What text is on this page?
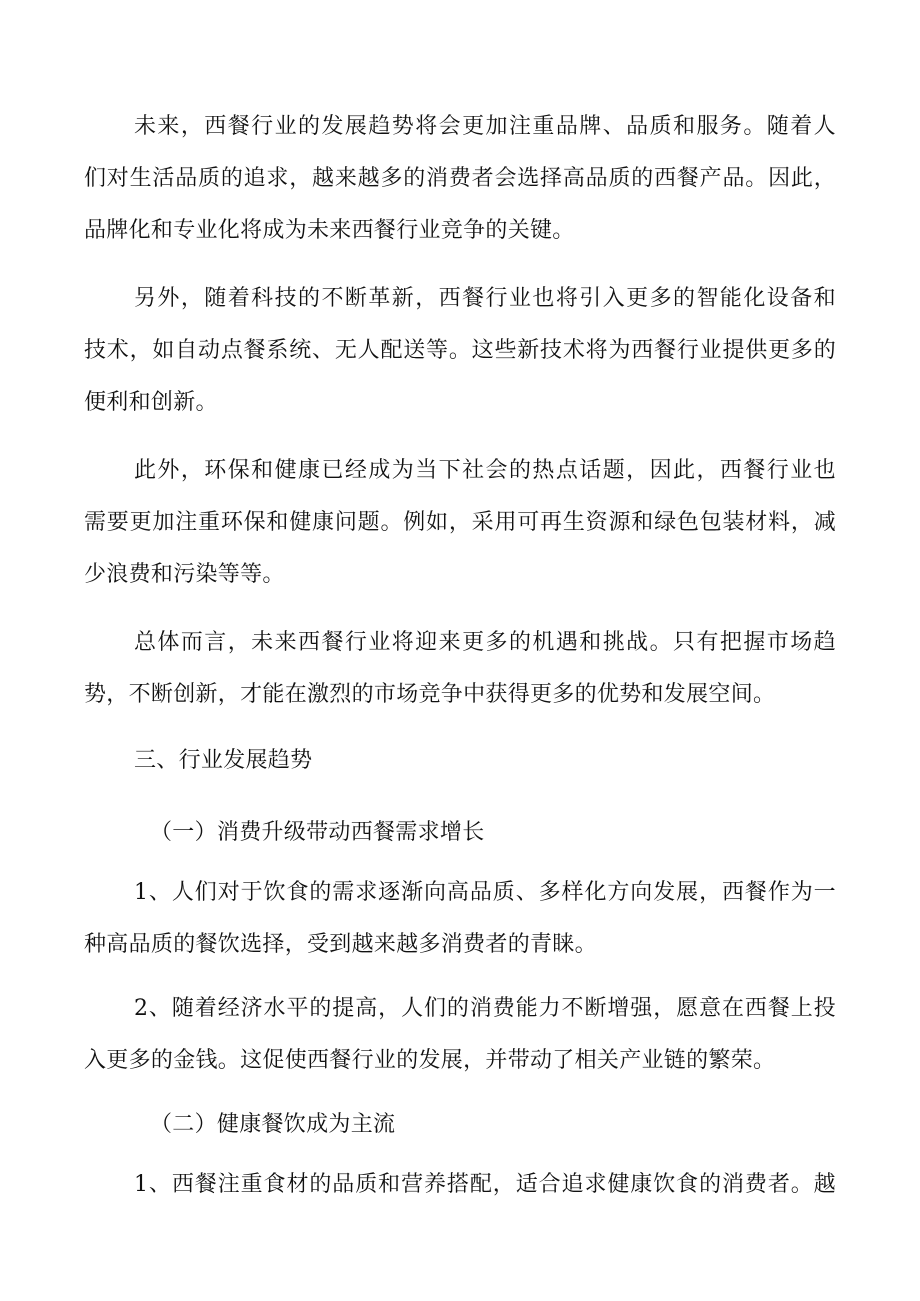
未来，西餐行业的发展趋势将会更加注重品牌、品质和服务。随着人
们对生活品质的追求，越来越多的消费者会选择高品质的西餐产品。因此，
品牌化和专业化将成为未来西餐行业竞争的关键。
另外，随着科技的不断革新，西餐行业也将引入更多的智能化设备和
技术，如自动点餐系统、无人配送等。这些新技术将为西餐行业提供更多的
便利和创新。
此外，环保和健康已经成为当下社会的热点话题，因此，西餐行业也
需要更加注重环保和健康问题。例如，采用可再生资源和绿色包装材料，减
少浪费和污染等等。
总体而言，未来西餐行业将迎来更多的机遇和挑战。只有把握市场趋
势，不断创新，才能在激烈的市场竞争中获得更多的优势和发展空间。
三、行业发展趋势
（一）消费升级带动西餐需求增长
1、人们对于饮食的需求逐渐向高品质、多样化方向发展，西餐作为一
种高品质的餐饮选择，受到越来越多消费者的青睐。
2、随着经济水平的提高，人们的消费能力不断增强，愿意在西餐上投
入更多的金钱。这促使西餐行业的发展，并带动了相关产业链的繁荣。
（二）健康餐饮成为主流
1、西餐注重食材的品质和营养搭配，适合追求健康饮食的消费者。越
